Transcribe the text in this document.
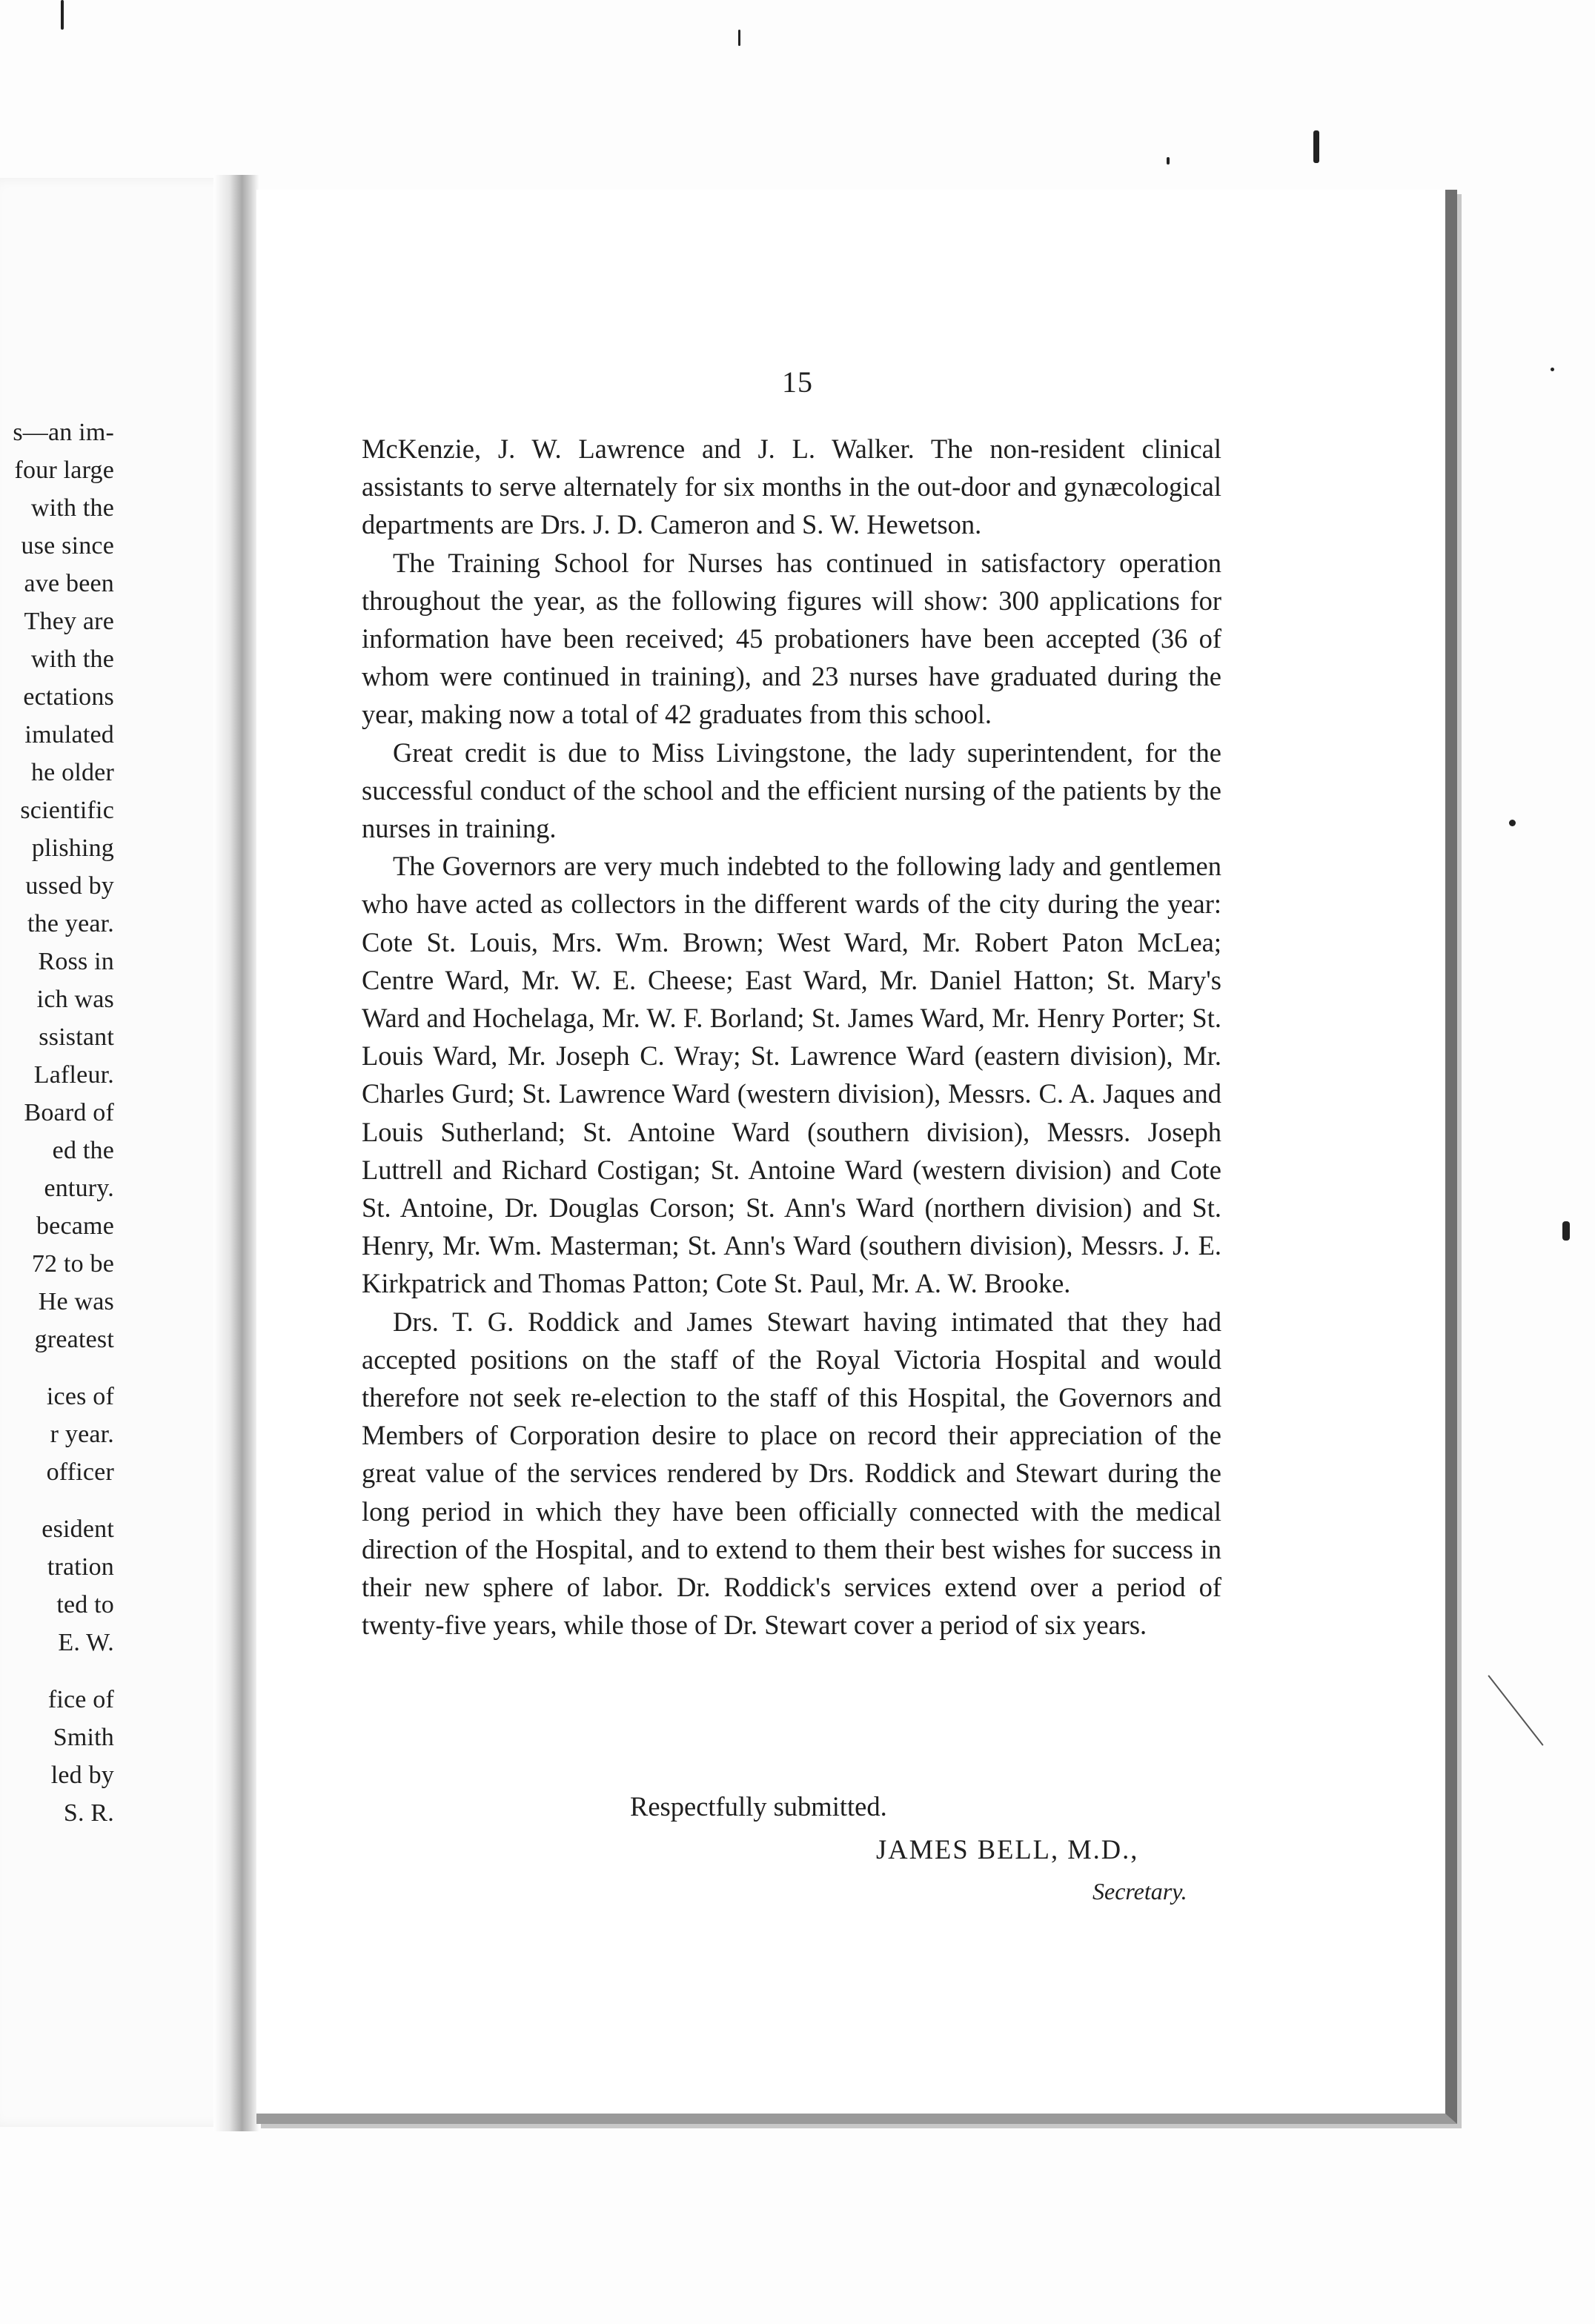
s—an im-
four large
with the
use since
ave been
They are
with the
ectations
imulated
he older
scientific
plishing
ussed by
the year.
Ross in
ich was
ssistant
Lafleur.
Board of
ed the
entury.
became
72 to be
He was
greatest
ices of
r year.
officer
esident
tration
ted to
E. W.
fice of
Smith
led by
S. R.
15

McKenzie, J. W. Lawrence and J. L. Walker. The non-resident clinical assistants to serve alternately for six months in the out-door and gynæcological departments are Drs. J. D. Cameron and S. W. Hewetson.

The Training School for Nurses has continued in satisfactory operation throughout the year, as the following figures will show: 300 applications for information have been received; 45 probationers have been accepted (36 of whom were continued in training), and 23 nurses have graduated during the year, making now a total of 42 graduates from this school.

Great credit is due to Miss Livingstone, the lady superintendent, for the successful conduct of the school and the efficient nursing of the patients by the nurses in training.

The Governors are very much indebted to the following lady and gentlemen who have acted as collectors in the different wards of the city during the year: Cote St. Louis, Mrs. Wm. Brown; West Ward, Mr. Robert Paton McLea; Centre Ward, Mr. W. E. Cheese; East Ward, Mr. Daniel Hatton; St. Mary's Ward and Hochelaga, Mr. W. F. Borland; St. James Ward, Mr. Henry Porter; St. Louis Ward, Mr. Joseph C. Wray; St. Lawrence Ward (eastern division), Mr. Charles Gurd; St. Lawrence Ward (western division), Messrs. C. A. Jaques and Louis Sutherland; St. Antoine Ward (southern division), Messrs. Joseph Luttrell and Richard Costigan; St. Antoine Ward (western division) and Cote St. Antoine, Dr. Douglas Corson; St. Ann's Ward (northern division) and St. Henry, Mr. Wm. Masterman; St. Ann's Ward (southern division), Messrs. J. E. Kirkpatrick and Thomas Patton; Cote St. Paul, Mr. A. W. Brooke.

Drs. T. G. Roddick and James Stewart having intimated that they had accepted positions on the staff of the Royal Victoria Hospital and would therefore not seek re-election to the staff of this Hospital, the Governors and Members of Corporation desire to place on record their appreciation of the great value of the services rendered by Drs. Roddick and Stewart during the long period in which they have been officially connected with the medical direction of the Hospital, and to extend to them their best wishes for success in their new sphere of labor. Dr. Roddick's services extend over a period of twenty-five years, while those of Dr. Stewart cover a period of six years.

Respectfully submitted.
JAMES BELL, M.D.,
Secretary.
